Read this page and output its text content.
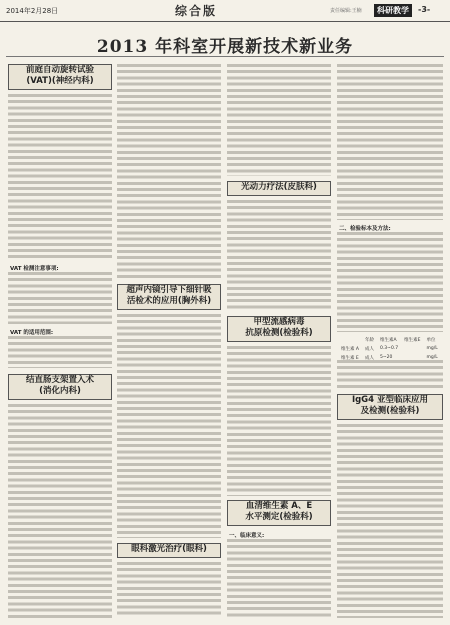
2014年2月28日	综合版	责任编辑:王楠	科研教学	-3-
2013 年科室开展新技术新业务
前庭自动旋转试验
(VAT)(神经内科)
VAT 检测注意事项:
VAT 的适用范围:
结直肠支架置入术
(消化内科)
超声内镜引导下细针吸
活检术的应用(胸外科)
眼科激光治疗(眼科)
光动力疗法(皮肤科)
甲型流感病毒
抗原检测(检验科)
血清维生素 A、E
水平测定(检验科)
一、临床意义:
二、检验标本及方法:
	年龄	维生素A	维生素E	单位
维生素 A	成人	0.3~0.7		mg/L
维生素 E	成人	5~20		mg/L
IgG4 亚型临床应用
及检测(检验科)
